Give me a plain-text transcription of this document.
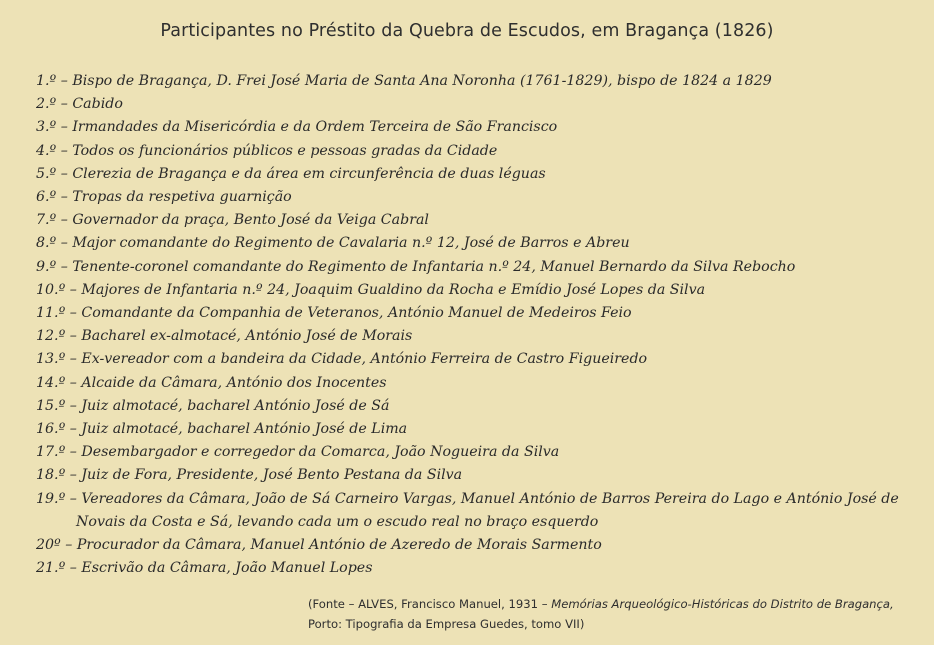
Participantes no Préstito da Quebra de Escudos, em Bragança (1826)
1.º – Bispo de Bragança, D. Frei José Maria de Santa Ana Noronha (1761-1829), bispo de 1824 a 1829
2.º – Cabido
3.º – Irmandades da Misericórdia e da Ordem Terceira de São Francisco
4.º – Todos os funcionários públicos e pessoas gradas da Cidade
5.º – Clerezia de Bragança e da área em circunferência de duas léguas
6.º – Tropas da respetiva guarnição
7.º – Governador da praça, Bento José da Veiga Cabral
8.º – Major comandante do Regimento de Cavalaria n.º 12, José de Barros e Abreu
9.º – Tenente-coronel comandante do Regimento de Infantaria n.º 24, Manuel Bernardo da Silva Rebocho
10.º – Majores de Infantaria n.º 24, Joaquim Gualdino da Rocha e Emídio José Lopes da Silva
11.º – Comandante da Companhia de Veteranos, António Manuel de Medeiros Feio
12.º – Bacharel ex-almotacé, António José de Morais
13.º – Ex-vereador com a bandeira da Cidade, António Ferreira de Castro Figueiredo
14.º – Alcaide da Câmara, António dos Inocentes
15.º – Juiz almotacé, bacharel António José de Sá
16.º – Juiz almotacé, bacharel António José de Lima
17.º – Desembargador e corregedor da Comarca, João Nogueira da Silva
18.º – Juiz de Fora, Presidente, José Bento Pestana da Silva
19.º – Vereadores da Câmara, João de Sá Carneiro Vargas, Manuel António de Barros Pereira do Lago e António José de Novais da Costa e Sá, levando cada um o escudo real no braço esquerdo
20º – Procurador da Câmara, Manuel António de Azeredo de Morais Sarmento
21.º – Escrivão da Câmara, João Manuel Lopes
(Fonte – ALVES, Francisco Manuel, 1931 – Memórias Arqueológico-Históricas do Distrito de Bragança,
Porto: Tipografia da Empresa Guedes, tomo VII)
